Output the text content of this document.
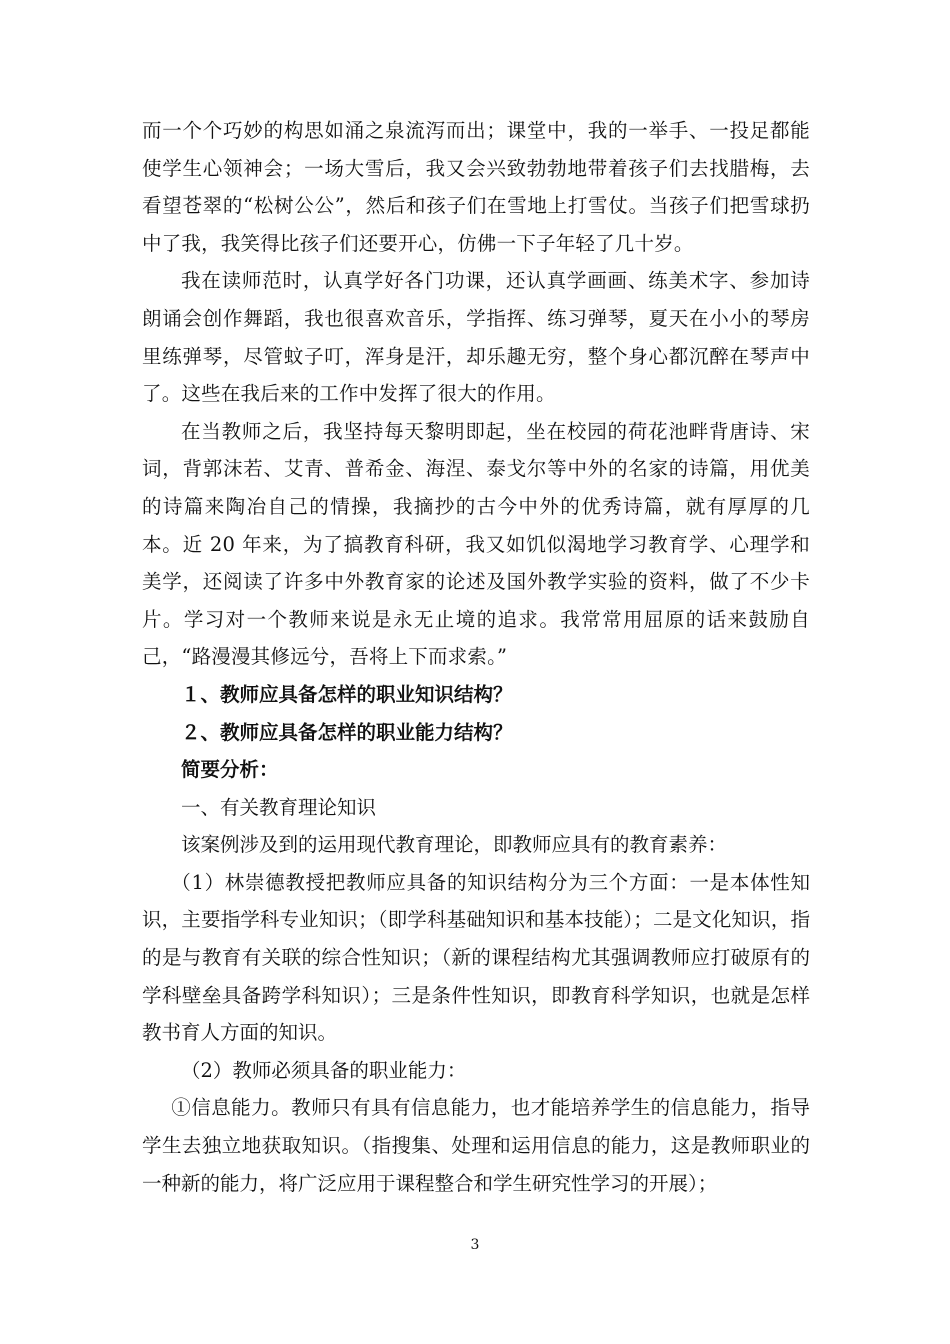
而一个个巧妙的构思如涌之泉流泻而出；课堂中，我的一举手、一投足都能使学生心领神会；一场大雪后，我又会兴致勃勃地带着孩子们去找腊梅，去看望苍翠的“松树公公”，然后和孩子们在雪地上打雪仗。当孩子们把雪球扔中了我，我笑得比孩子们还要开心，仿佛一下子年轻了几十岁。

我在读师范时，认真学好各门功课，还认真学画画、练美术字、参加诗朗诵会创作舞蹈，我也很喜欢音乐，学指挥、练习弹琴，夏天在小小的琴房里练弹琴，尽管蚊子叮，浑身是汗，却乐趣无穷，整个身心都沉醉在琴声中了。这些在我后来的工作中发挥了很大的作用。

在当教师之后，我坚持每天黎明即起，坐在校园的荷花池畔背唐诗、宋词，背郭沫若、艾青、普希金、海涅、泰戈尔等中外的名家的诗篇，用优美的诗篇来陶冶自己的情操，我摘抄的古今中外的优秀诗篇，就有厚厚的几本。近 20 年来，为了搞教育科研，我又如饥似渴地学习教育学、心理学和美学，还阅读了许多中外教育家的论述及国外教学实验的资料，做了不少卡片。学习对一个教师来说是永无止境的追求。我常常用屈原的话来鼓励自己，“路漫漫其修远兮，吾将上下而求索。”

１、教师应具备怎样的职业知识结构？

２、教师应具备怎样的职业能力结构？

简要分析：

一、有关教育理论知识

该案例涉及到的运用现代教育理论，即教师应具有的教育素养：

（1）林崇德教授把教师应具备的知识结构分为三个方面：一是本体性知识，主要指学科专业知识；（即学科基础知识和基本技能）；二是文化知识，指的是与教育有关联的综合性知识；（新的课程结构尤其强调教师应打破原有的学科壁垒具备跨学科知识）；三是条件性知识，即教育科学知识，也就是怎样教书育人方面的知识。

（2）教师必须具备的职业能力：

①信息能力。教师只有具有信息能力，也才能培养学生的信息能力，指导学生去独立地获取知识。（指搜集、处理和运用信息的能力，这是教师职业的一种新的能力，将广泛应用于课程整合和学生研究性学习的开展）；

3
